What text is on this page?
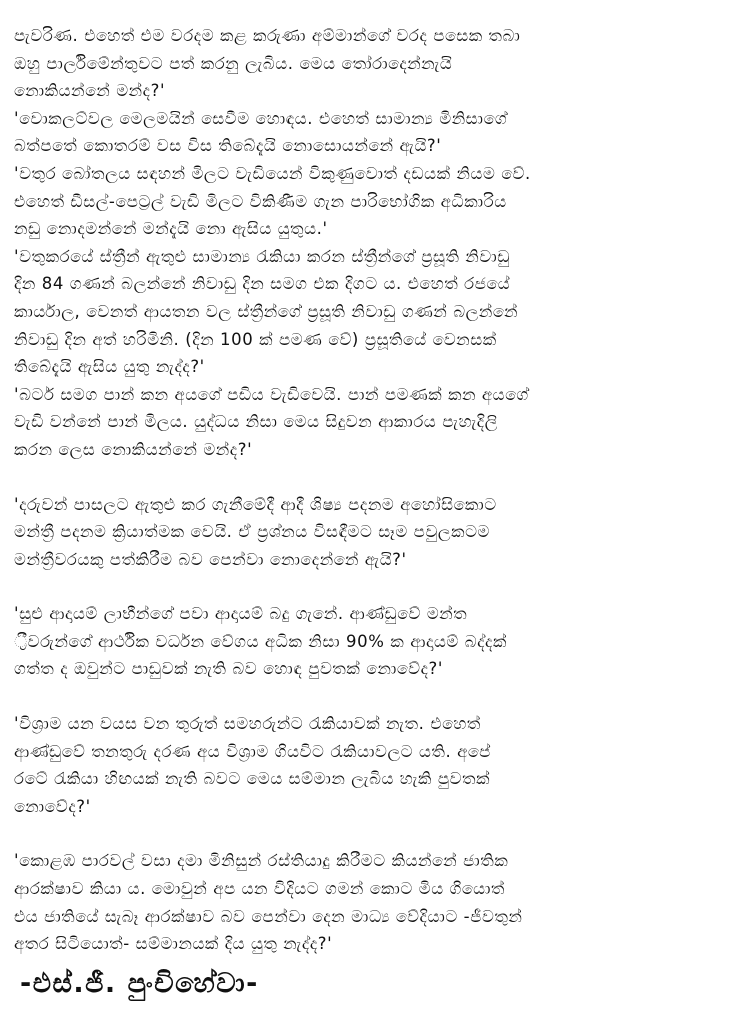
පැවරිණ. එහෙත් එම වරදම කළ කරුණා අම්මාන්ගේ වරද පසෙක තබා
ඔහු පාර්ලිමේන්තුවට පත් කරනු ලැබිය. මෙය තෝරාදෙන්නැයි
නොකියන්නේ මන්ද?'
'වොකලට්වල මෙලමයින් සෙවීම හොඳය. එහෙත් සාමාන්‍ය මිනිසාගේ
බත්පතේ කොතරම් වස විස තිබේදැයි නොසොයන්නේ ඇයි?'
'වතුර බෝතලය සඳහන් මිලට වැඩියෙන් විකුණුවොත් දඩයක් නියම වේ.
එහෙත් ඩීසල්-පෙට්‍රල් වැඩි මිලට විකිණීම ගැන පාරිභෝගික අධිකාරිය
නඩු නොදමන්නේ මන්දැයි නො ඇසිය යුතුය.'
'වතුකරයේ ස්ත්‍රීන් ඇතුළු සාමාන්‍ය රැකියා කරන ස්ත්‍රීන්ගේ ප්‍රසූති නිවාඩු
දින 84 ගණන් බලන්නේ නිවාඩු දින සමග එක දිගට ය. එහෙත් රජයේ
කාර්යාල, වෙනත් ආයතන වල ස්ත්‍රීන්ගේ ප්‍රසූති නිවාඩු ගණන් බලන්නේ
නිවාඩු දින අත් හරිමිනි. (දින 100 ක් පමණ වේ) ප්‍රසූතියේ වෙනසක්
තිබේදැයි ඇසිය යුතු නැද්ද?'
'බටර් සමග පාන් කන අයගේ පඩිය වැඩිවෙයි. පාන් පමණක් කන අයගේ
වැඩි වන්නේ පාන් මිලය. යුද්ධය නිසා මෙය සිදුවන ආකාරය පැහැදිලි
කරන ලෙස නොකියන්නේ මන්ද?'
'දරුවන් පාසලට ඇතුළු කර ගැනීමේදී ආදී ශිෂ්‍ය පදනම අහෝසිකොට
මන්ත්‍රී පදනම ක්‍රියාත්මක වෙයි. ඒ ප්‍රශ්නය විසඳීමට සෑම පවුලකටම
මන්ත්‍රීවරයකු පත්කිරීම බව පෙන්වා නොදෙන්නේ ඇයි?'
'සුළු ආදායම් ලාභීන්ගේ පවා ආදායම් බදු ගැනේ. ආණ්ඩුවේ මන්ත
්‍රීවරුන්ගේ ආර්ථික වර්ධන වේගය අධික නිසා 90% ක ආදායම් බද්දක්
ගත්ත ද ඔවුන්ට පාඩුවක් නැති බව හොඳ පුවතක් නොවේද?'
'විශ්‍රාම යන වයස වන තුරුත් සමහරුන්ට රැකියාවක් නැත. එහෙත්
ආණ්ඩුවේ තනතුරු දරණ අය විශ්‍රාම ගියවිට රැකියාවලට යති. අපේ
රටේ රැකියා හිඟයක් නැති බවට මෙය සම්මාන ලැබිය හැකි පුවතක්
නොවේද?'
'කොළඹ පාරවල් වසා දමා මිනිසුන් රස්තියාදු කිරීමට කියන්නේ ජාතික
ආරක්ෂාව කියා ය. මොවුන් අප යන විදියට ගමන් කොට මිය ගියොත්
එය ජාතියේ සැබෑ ආරක්ෂාව බව පෙන්වා දෙන මාධ්‍ය වේදියාට -ජීවතුන්
අතර සිටියොත්- සම්මානයක් දිය යුතු නැද්ද?'
-එස්.ජී. පුංචිහේවා-
